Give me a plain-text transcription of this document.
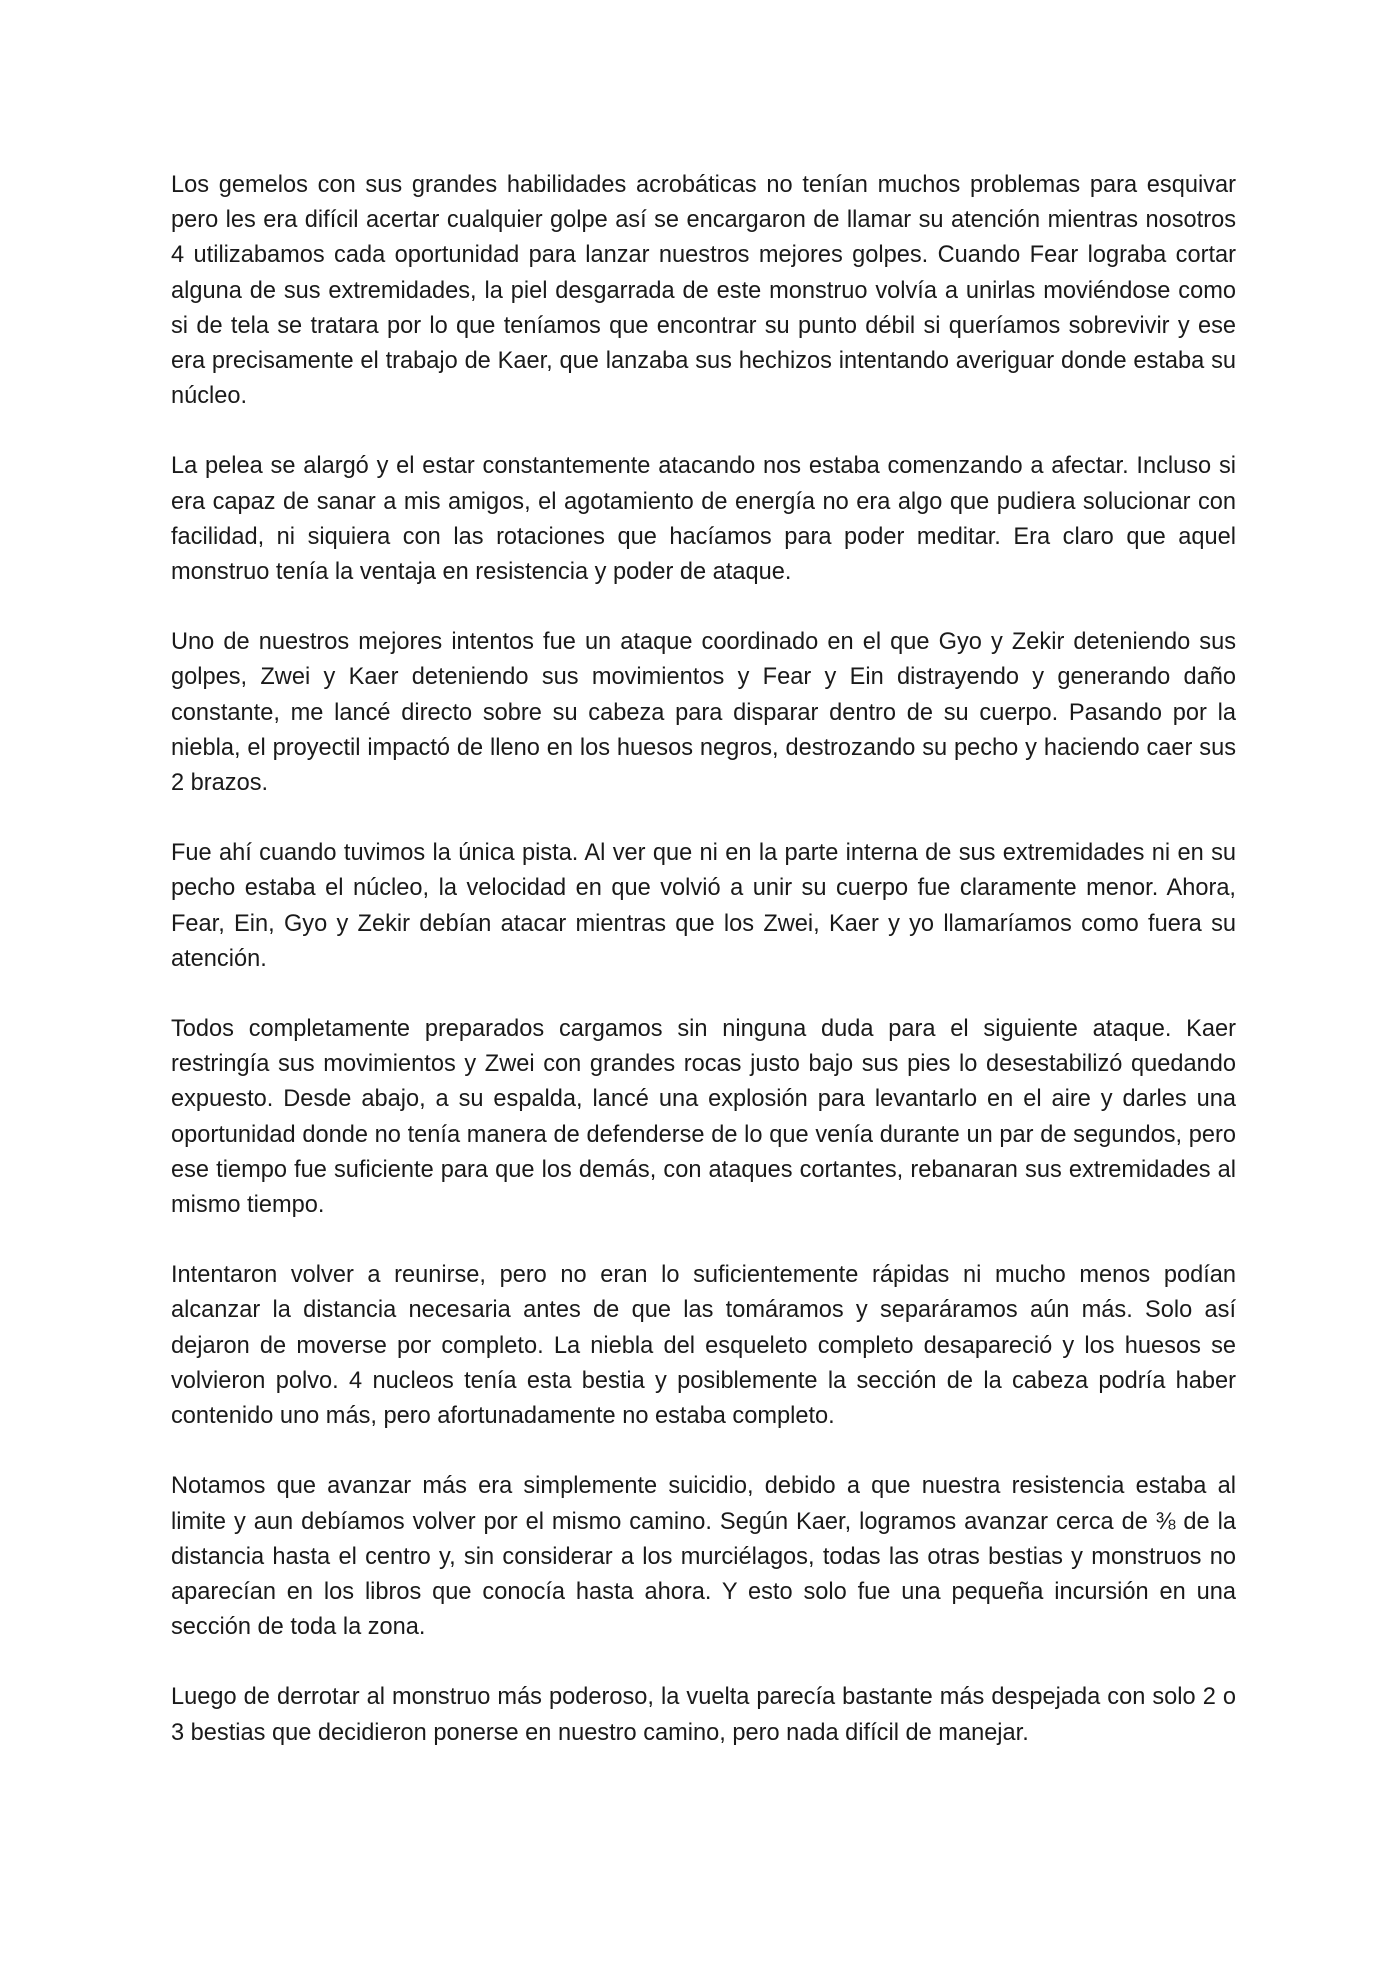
Los gemelos con sus grandes habilidades acrobáticas no tenían muchos problemas para esquivar pero les era difícil acertar cualquier golpe así se encargaron de llamar su atención mientras nosotros 4 utilizabamos cada oportunidad para lanzar nuestros mejores golpes. Cuando Fear lograba cortar alguna de sus extremidades, la piel desgarrada de este monstruo volvía a unirlas moviéndose como si de tela se tratara por lo que teníamos que encontrar su punto débil si queríamos sobrevivir y ese era precisamente el trabajo de Kaer, que lanzaba sus hechizos intentando averiguar donde estaba su núcleo.

La pelea se alargó y el estar constantemente atacando nos estaba comenzando a afectar. Incluso si era capaz de sanar a mis amigos, el agotamiento de energía no era algo que pudiera solucionar con facilidad, ni siquiera con las rotaciones que hacíamos para poder meditar. Era claro que aquel monstruo tenía la ventaja en resistencia y poder de ataque.

Uno de nuestros mejores intentos fue un ataque coordinado en el que Gyo y Zekir deteniendo sus golpes, Zwei y Kaer deteniendo sus movimientos y Fear y Ein distrayendo y generando daño constante, me lancé directo sobre su cabeza para disparar dentro de su cuerpo. Pasando por la niebla, el proyectil impactó de lleno en los huesos negros, destrozando su pecho y haciendo caer sus 2 brazos.

Fue ahí cuando tuvimos la única pista. Al ver que ni en la parte interna de sus extremidades ni en su pecho estaba el núcleo, la velocidad en que volvió a unir su cuerpo fue claramente menor. Ahora, Fear, Ein, Gyo y Zekir debían atacar mientras que los Zwei, Kaer y yo llamaríamos como fuera su atención.

Todos completamente preparados cargamos sin ninguna duda para el siguiente ataque. Kaer restringía sus movimientos y Zwei con grandes rocas justo bajo sus pies lo desestabilizó quedando expuesto. Desde abajo, a su espalda, lancé una explosión para levantarlo en el aire y darles una oportunidad donde no tenía manera de defenderse de lo que venía durante un par de segundos, pero ese tiempo fue suficiente para que los demás, con ataques cortantes, rebanaran sus extremidades al mismo tiempo.

Intentaron volver a reunirse, pero no eran lo suficientemente rápidas ni mucho menos podían alcanzar la distancia necesaria antes de que las tomáramos y separáramos aún más. Solo así dejaron de moverse por completo. La niebla del esqueleto completo desapareció y los huesos se volvieron polvo. 4 nucleos tenía esta bestia y posiblemente la sección de la cabeza podría haber contenido uno más, pero afortunadamente no estaba completo.

Notamos que avanzar más era simplemente suicidio, debido a que nuestra resistencia estaba al limite y aun debíamos volver por el mismo camino. Según Kaer, logramos avanzar cerca de ⅜ de la distancia hasta el centro y, sin considerar a los murciélagos, todas las otras bestias y monstruos no aparecían en los libros que conocía hasta ahora. Y esto solo fue una pequeña incursión en una sección de toda la zona.

Luego de derrotar al monstruo más poderoso, la vuelta parecía bastante más despejada con solo 2 o 3 bestias que decidieron ponerse en nuestro camino, pero nada difícil de manejar.
